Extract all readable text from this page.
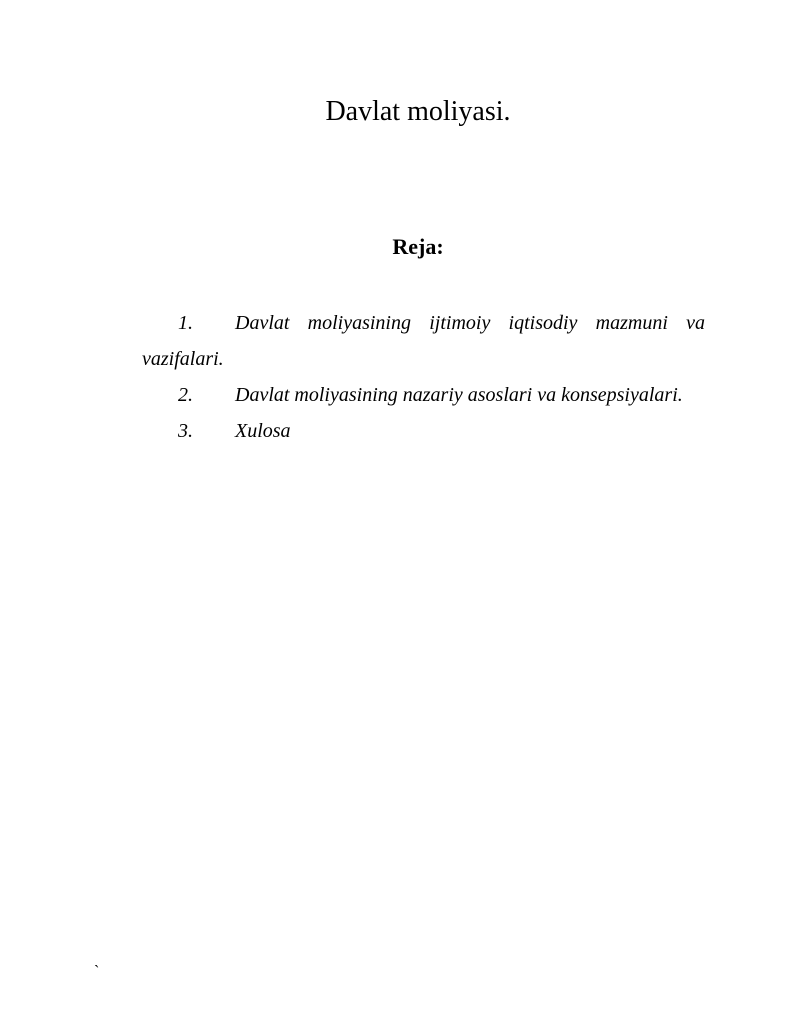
Davlat moliyasi.
Reja:
1. Davlat moliyasining ijtimoiy iqtisodiy mazmuni va vazifalari.
2. Davlat moliyasining nazariy asoslari va konsepsiyalari.
3. Xulosa
`
